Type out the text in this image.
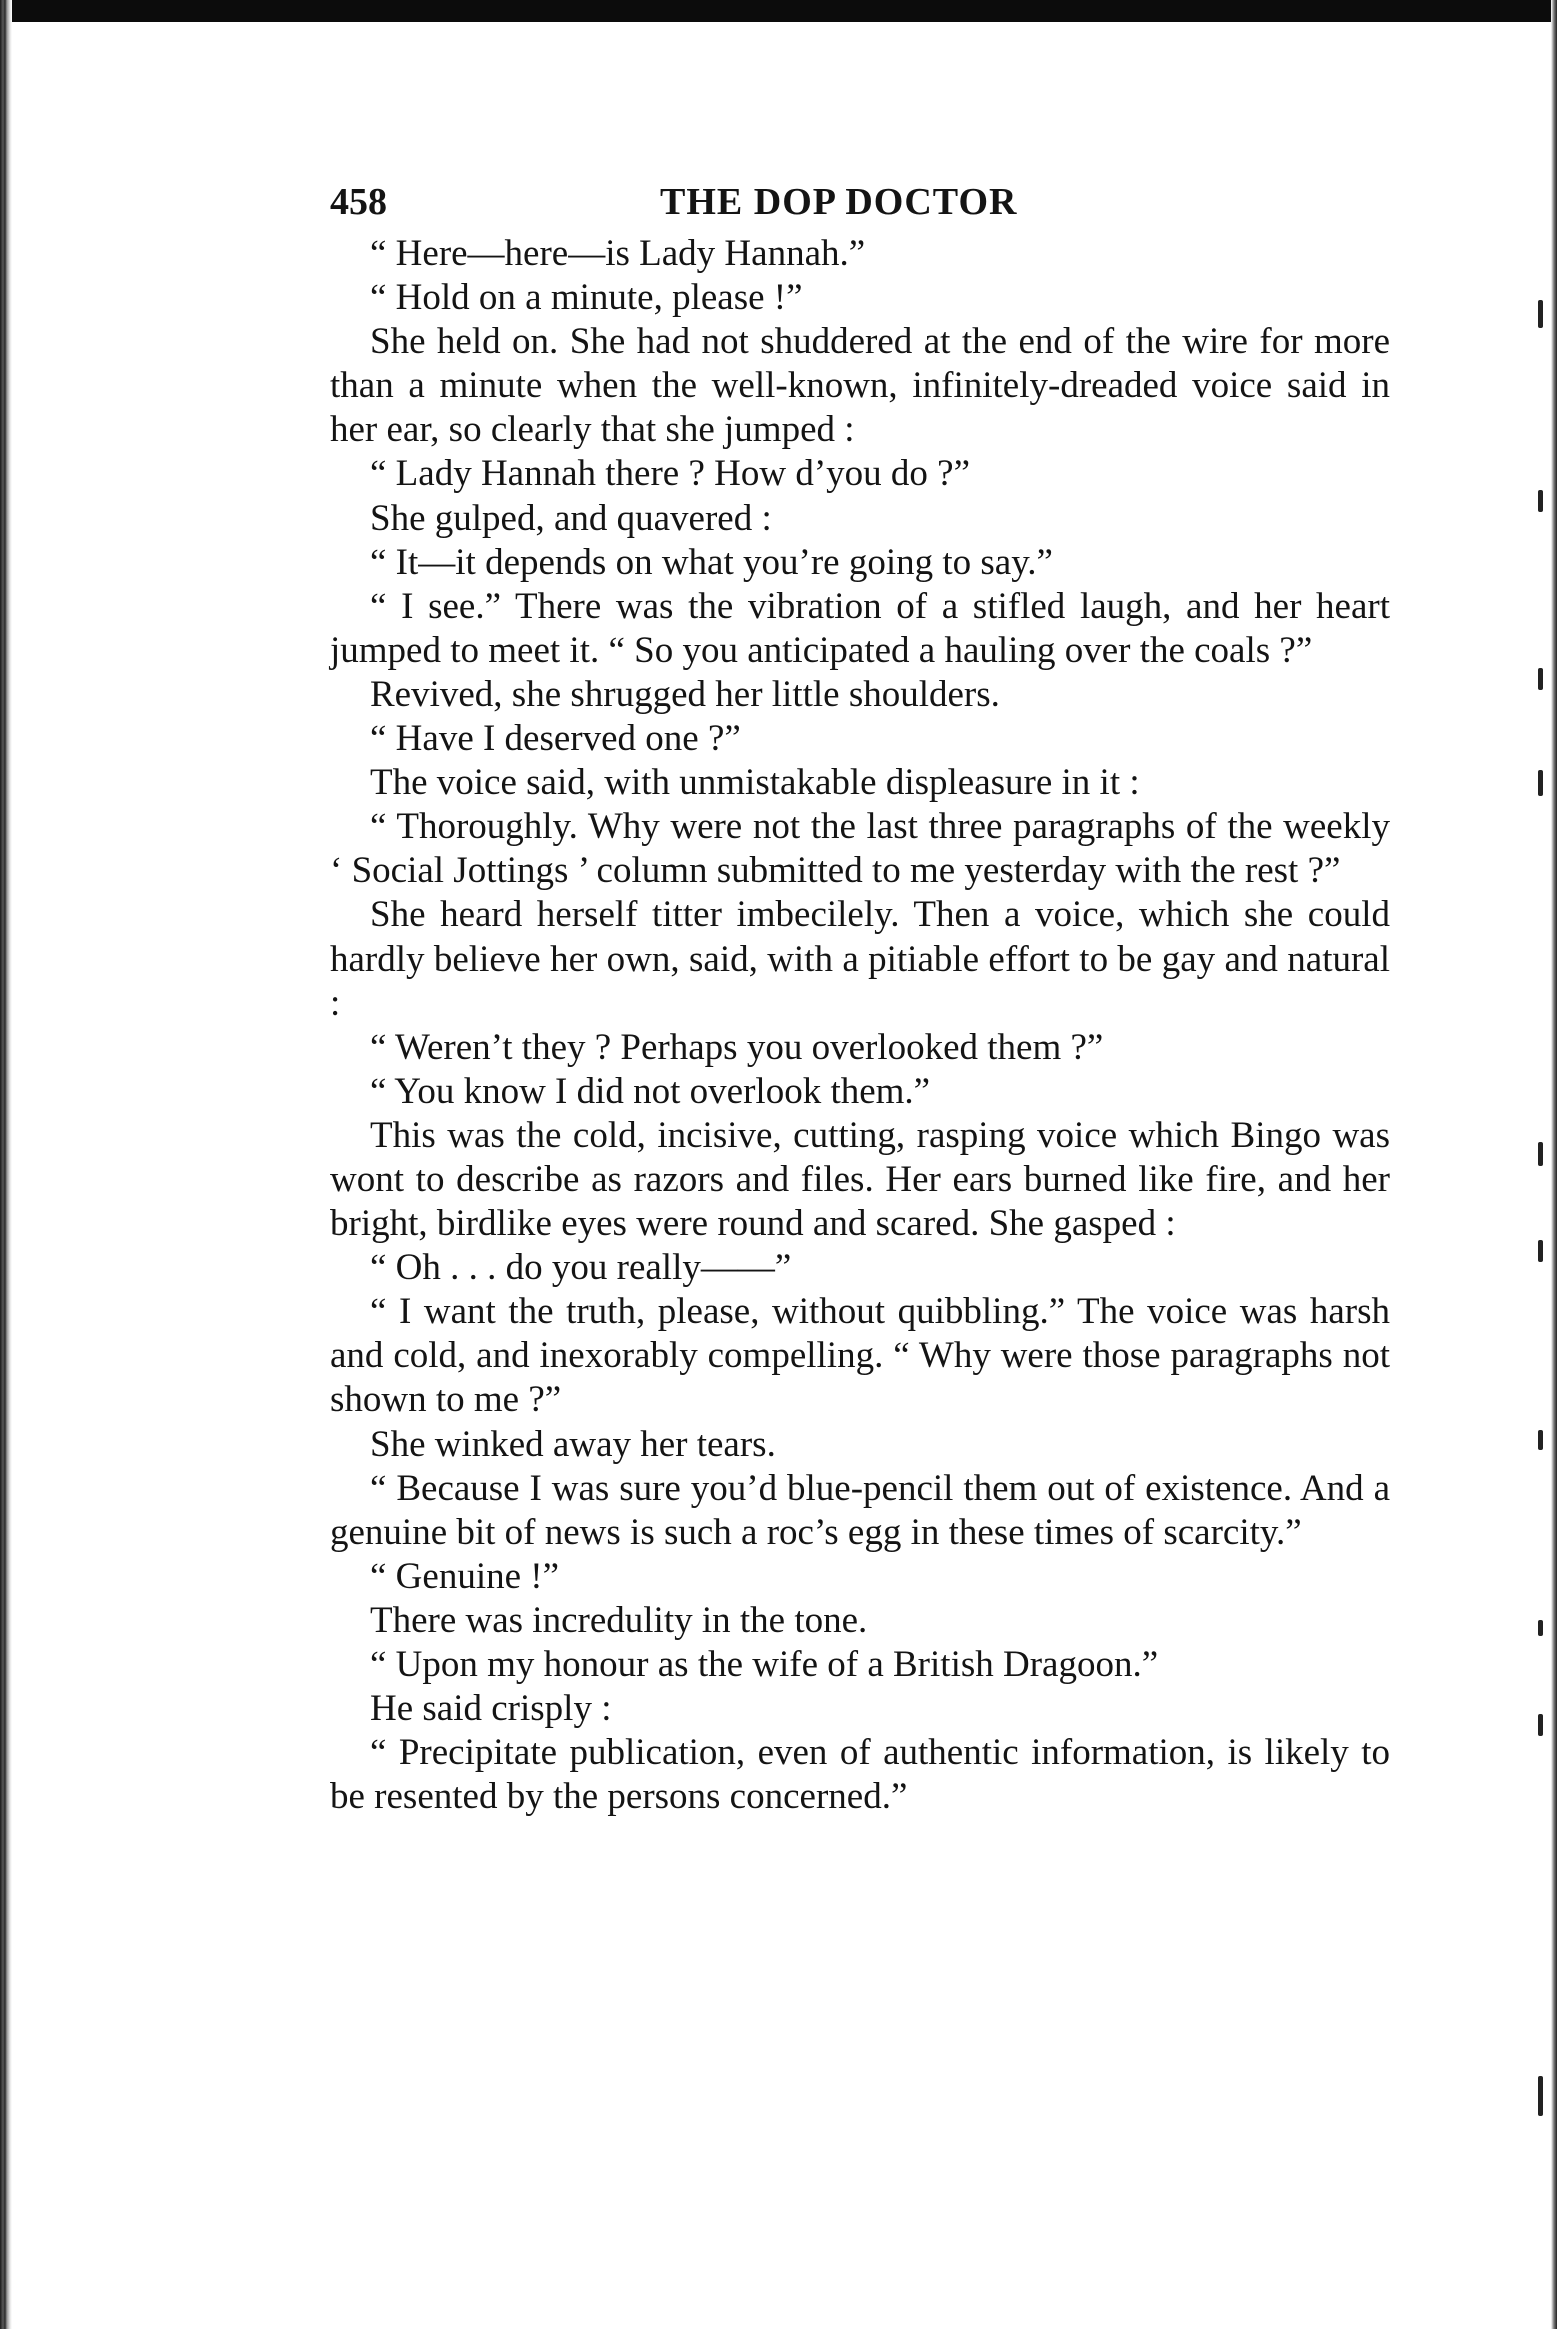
458	THE DOP DOCTOR

“ Here—here—is Lady Hannah.”

“ Hold on a minute, please !”

She held on. She had not shuddered at the end of the wire for more than a minute when the well-known, infinitely-dreaded voice said in her ear, so clearly that she jumped :

“ Lady Hannah there ? How d’you do ?”

She gulped, and quavered :

“ It—it depends on what you’re going to say.”

“ I see.” There was the vibration of a stifled laugh, and her heart jumped to meet it. “ So you anticipated a hauling over the coals ?”

Revived, she shrugged her little shoulders.

“ Have I deserved one ?”

The voice said, with unmistakable displeasure in it :

“ Thoroughly. Why were not the last three paragraphs of the weekly ‘ Social Jottings ’ column submitted to me yesterday with the rest ?”

She heard herself titter imbecilely. Then a voice, which she could hardly believe her own, said, with a pitiable effort to be gay and natural :

“ Weren’t they ? Perhaps you overlooked them ?”

“ You know I did not overlook them.”

This was the cold, incisive, cutting, rasping voice which Bingo was wont to describe as razors and files. Her ears burned like fire, and her bright, birdlike eyes were round and scared. She gasped :

“ Oh . . . do you really——”

“ I want the truth, please, without quibbling.” The voice was harsh and cold, and inexorably compelling. “ Why were those paragraphs not shown to me ?”

She winked away her tears.

“ Because I was sure you’d blue-pencil them out of existence. And a genuine bit of news is such a roc’s egg in these times of scarcity.”

“ Genuine !”

There was incredulity in the tone.

“ Upon my honour as the wife of a British Dragoon.”

He said crisply :

“ Precipitate publication, even of authentic information, is likely to be resented by the persons concerned.”
